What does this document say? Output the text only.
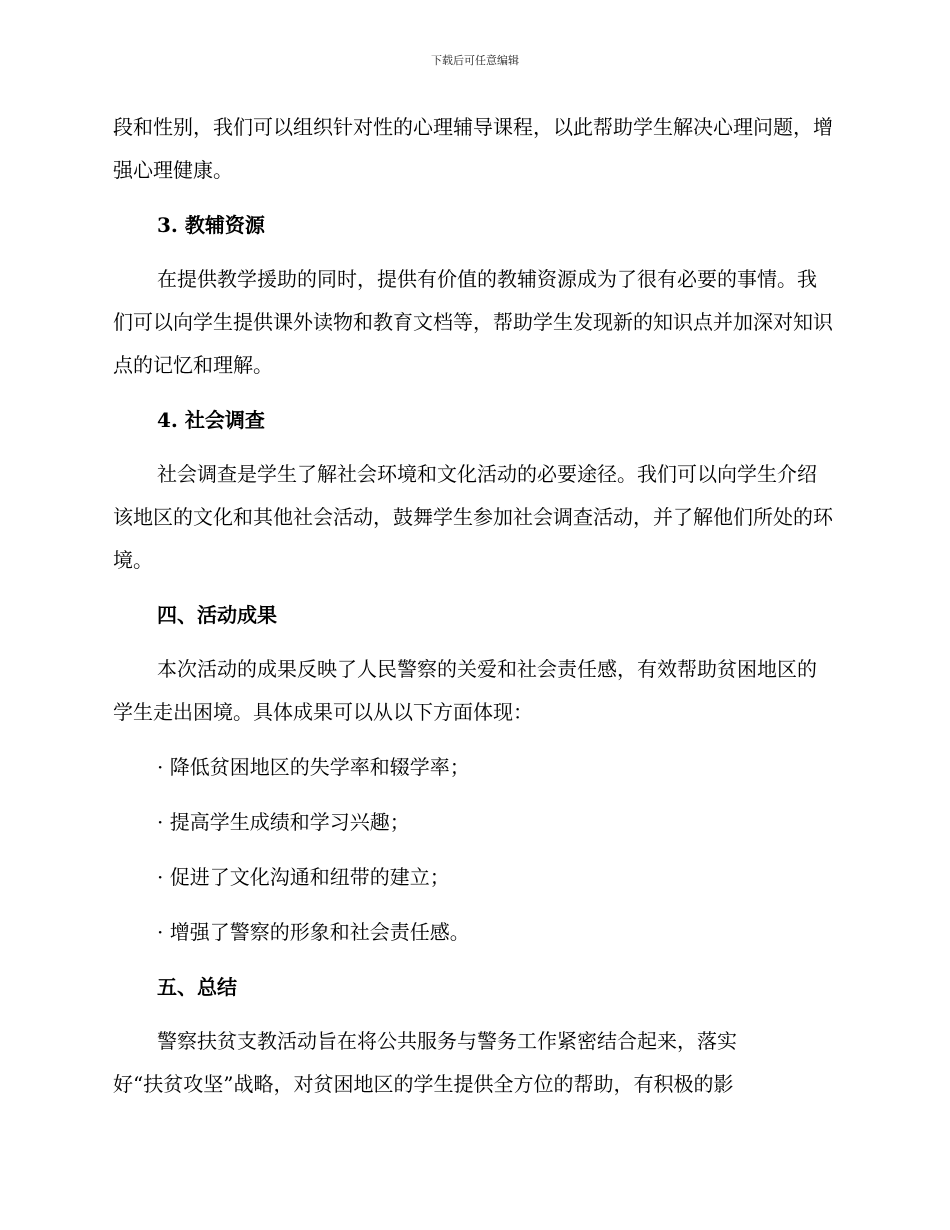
下载后可任意编辑

段和性别，我们可以组织针对性的心理辅导课程，以此帮助学生解决心理问题，增强心理健康。

3. 教辅资源

在提供教学援助的同时，提供有价值的教辅资源成为了很有必要的事情。我们可以向学生提供课外读物和教育文档等，帮助学生发现新的知识点并加深对知识点的记忆和理解。

4. 社会调查

社会调查是学生了解社会环境和文化活动的必要途径。我们可以向学生介绍该地区的文化和其他社会活动，鼓舞学生参加社会调查活动，并了解他们所处的环境。

四、活动成果

本次活动的成果反映了人民警察的关爱和社会责任感，有效帮助贫困地区的学生走出困境。具体成果可以从以下方面体现：

· 降低贫困地区的失学率和辍学率；
· 提高学生成绩和学习兴趣；
· 促进了文化沟通和纽带的建立；
· 增强了警察的形象和社会责任感。
五、总结

警察扶贫支教活动旨在将公共服务与警务工作紧密结合起来，落实

好“扶贫攻坚”战略，对贫困地区的学生提供全方位的帮助，有积极的影
